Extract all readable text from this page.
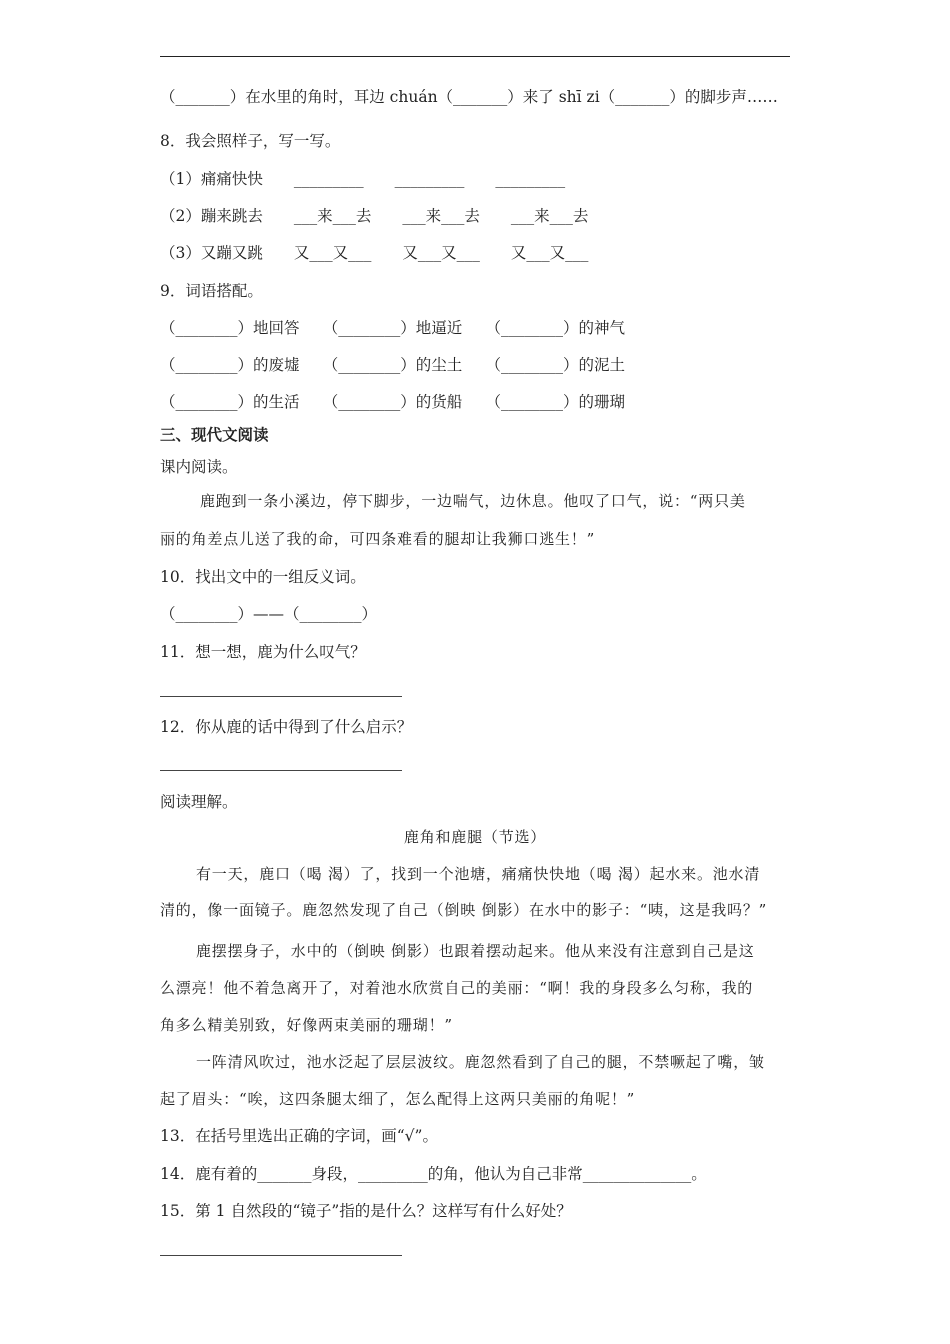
（_______）在水里的角时，耳边 chuán（_______）来了 shī zi（_______）的脚步声……
8．我会照样子，写一写。
（1）痛痛快快　　_________　　_________　　_________
（2）蹦来跳去　　___来___去　　___来___去　　___来___去
（3）又蹦又跳　　又___又___　　又___又___　　又___又___
9．词语搭配。
（________）地回答　　（________）地逼近　　（________）的神气
（________）的废墟　　（________）的尘土　　（________）的泥土
（________）的生活　　（________）的货船　　（________）的珊瑚
三、现代文阅读
课内阅读。
鹿跑到一条小溪边，停下脚步，一边喘气，边休息。他叹了口气，说：“两只美
丽的角差点儿送了我的命，可四条难看的腿却让我狮口逃生！”
10．找出文中的一组反义词。
（________）——（________）
11．想一想，鹿为什么叹气？
12．你从鹿的话中得到了什么启示？
阅读理解。
鹿角和鹿腿（节选）
有一天，鹿口（喝 渴）了，找到一个池塘，痛痛快快地（喝 渴）起水来。池水清
清的，像一面镜子。鹿忽然发现了自己（倒映 倒影）在水中的影子：“咦，这是我吗？”
鹿摆摆身子，水中的（倒映 倒影）也跟着摆动起来。他从来没有注意到自己是这
么漂亮！他不着急离开了，对着池水欣赏自己的美丽：“啊！我的身段多么匀称，我的
角多么精美别致，好像两束美丽的珊瑚！”
一阵清风吹过，池水泛起了层层波纹。鹿忽然看到了自己的腿，不禁噘起了嘴，皱
起了眉头：“唉，这四条腿太细了，怎么配得上这两只美丽的角呢！”
13．在括号里选出正确的字词，画“√”。
14．鹿有着的_______身段，_________的角，他认为自己非常______________。
15．第 1 自然段的“镜子”指的是什么？这样写有什么好处？
